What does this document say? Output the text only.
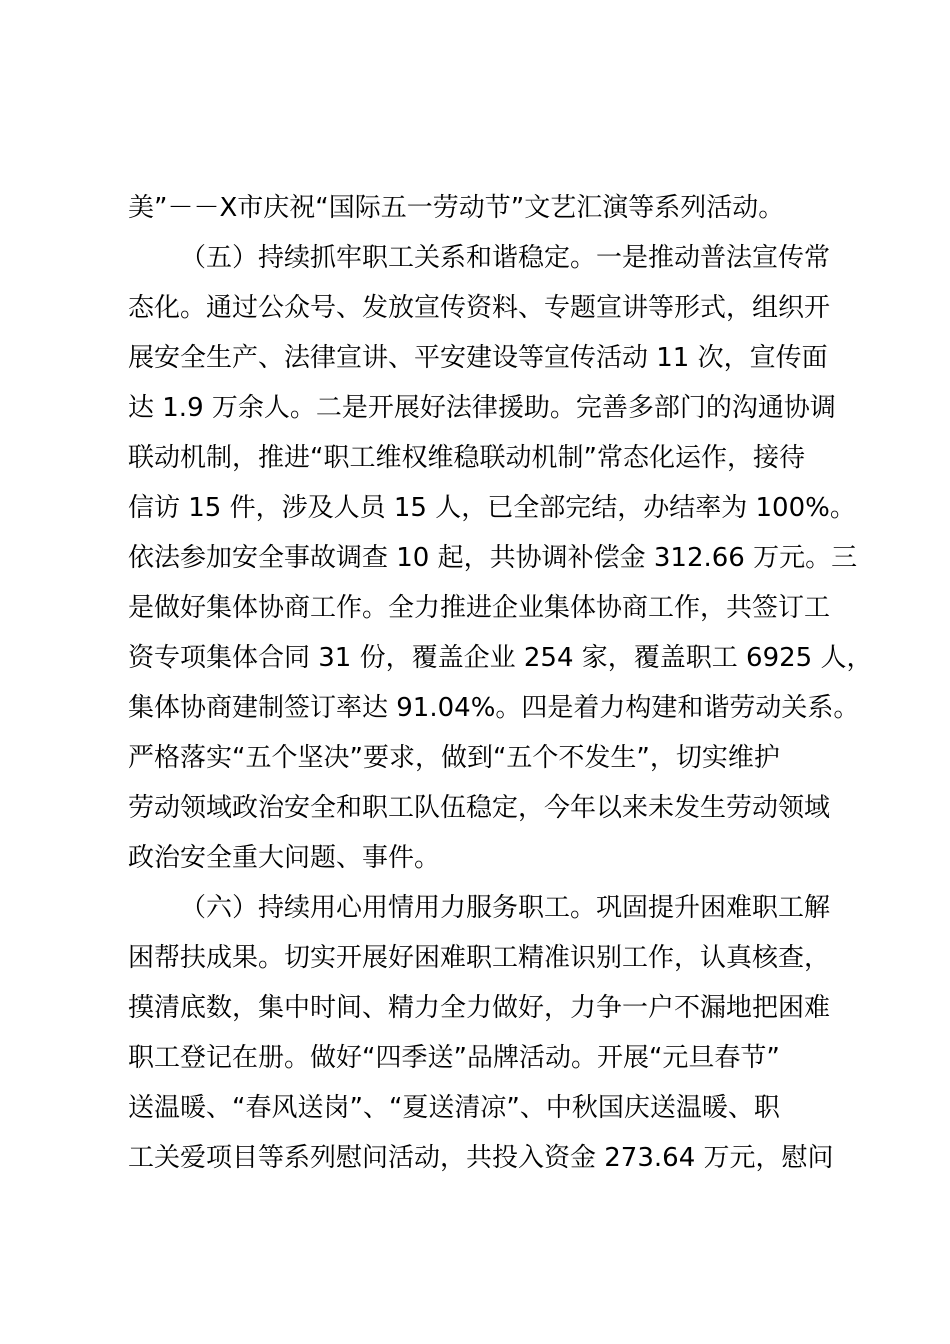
美”－－X市庆祝“国际五一劳动节”文艺汇演等系列活动。
（五）持续抓牢职工关系和谐稳定。一是推动普法宣传常
态化。通过公众号、发放宣传资料、专题宣讲等形式，组织开
展安全生产、法律宣讲、平安建设等宣传活动 11 次，宣传面
达 1.9 万余人。二是开展好法律援助。完善多部门的沟通协调
联动机制，推进“职工维权维稳联动机制”常态化运作，接待
信访 15 件，涉及人员 15 人，已全部完结，办结率为 100%。
依法参加安全事故调查 10 起，共协调补偿金 312.66 万元。三
是做好集体协商工作。全力推进企业集体协商工作，共签订工
资专项集体合同 31 份，覆盖企业 254 家，覆盖职工 6925 人，
集体协商建制签订率达 91.04%。四是着力构建和谐劳动关系。
严格落实“五个坚决”要求，做到“五个不发生”，切实维护
劳动领域政治安全和职工队伍稳定，今年以来未发生劳动领域
政治安全重大问题、事件。
（六）持续用心用情用力服务职工。巩固提升困难职工解
困帮扶成果。切实开展好困难职工精准识别工作，认真核查，
摸清底数，集中时间、精力全力做好，力争一户不漏地把困难
职工登记在册。做好“四季送”品牌活动。开展“元旦春节”
送温暖、“春风送岗”、“夏送清凉”、中秋国庆送温暖、职
工关爱项目等系列慰问活动，共投入资金 273.64 万元，慰问
